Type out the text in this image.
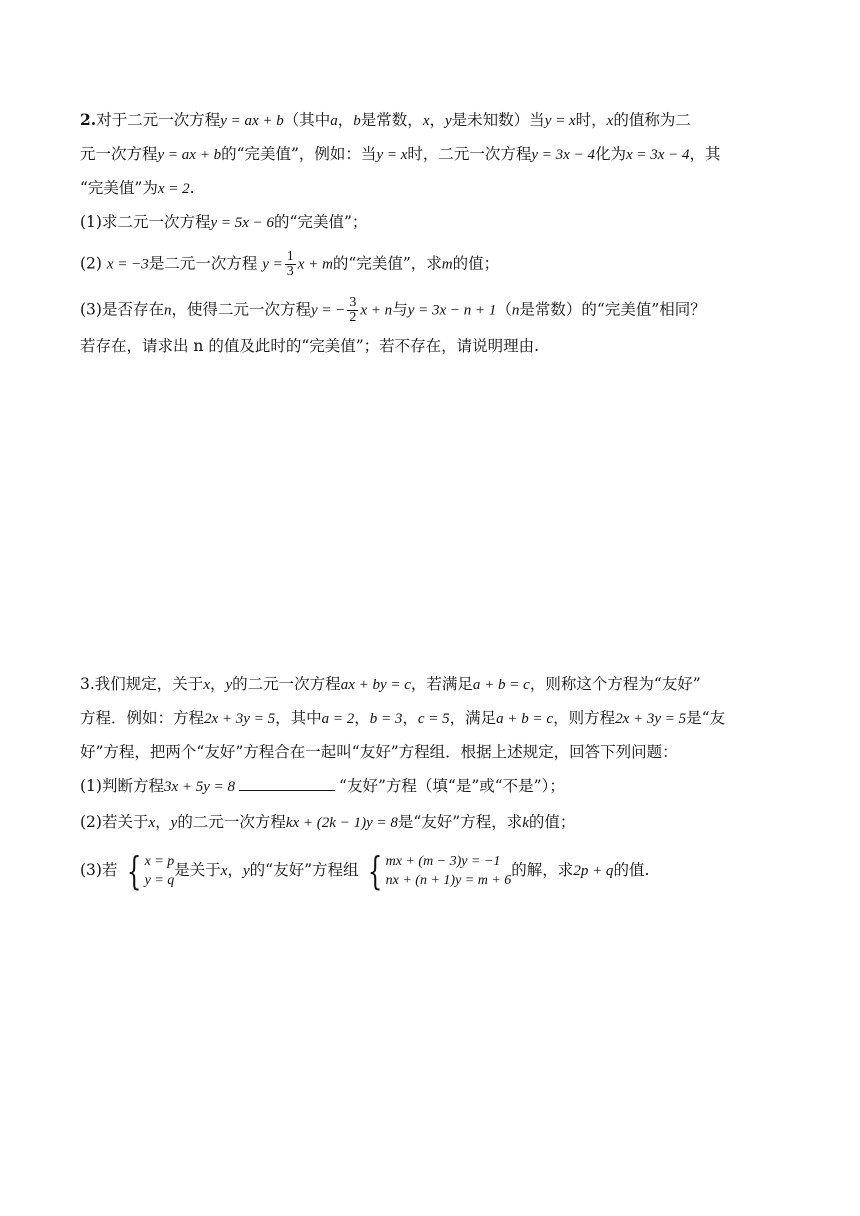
2.对于二元一次方程y = ax + b（其中a，b是常数，x，y是未知数）当y = x时，x的值称为二
元一次方程y = ax + b的“完美值”，例如：当y = x时，二元一次方程y = 3x − 4化为x = 3x − 4，其
“完美值”为x = 2.
(1)求二元一次方程y = 5x − 6的“完美值”；
(2) x = −3是二元一次方程 $y = \frac{1}{3}$ x + m的“完美值”，求m的值；
(3)是否存在n，使得二元一次方程y = − $\frac{3}{2}$ x + n与y = 3x − n + 1（n是常数）的“完美值”相同？
若存在，请求出 n 的值及此时的“完美值”；若不存在，请说明理由.
3.我们规定，关于x，y的二元一次方程ax + by = c，若满足a + b = c，则称这个方程为“友好”
方程．例如：方程2x + 3y = 5，其中a = 2，b = 3，c = 5，满足a + b = c，则方程2x + 3y = 5是“友
好”方程，把两个“友好”方程合在一起叫“友好”方程组．根据上述规定，回答下列问题：
(1)判断方程3x + 5y = 8	“友好”方程（填“是”或“不是”）；
(2)若关于x，y的二元一次方程kx + (2k − 1)y = 8是“友好”方程，求k的值；
(3)若 { x = p
y = q
是关于x，y的“友好”方程组 { mx + (m − 3)y = −1
nx + (n + 1)y = m + 6
的解，求2p + q的值.
